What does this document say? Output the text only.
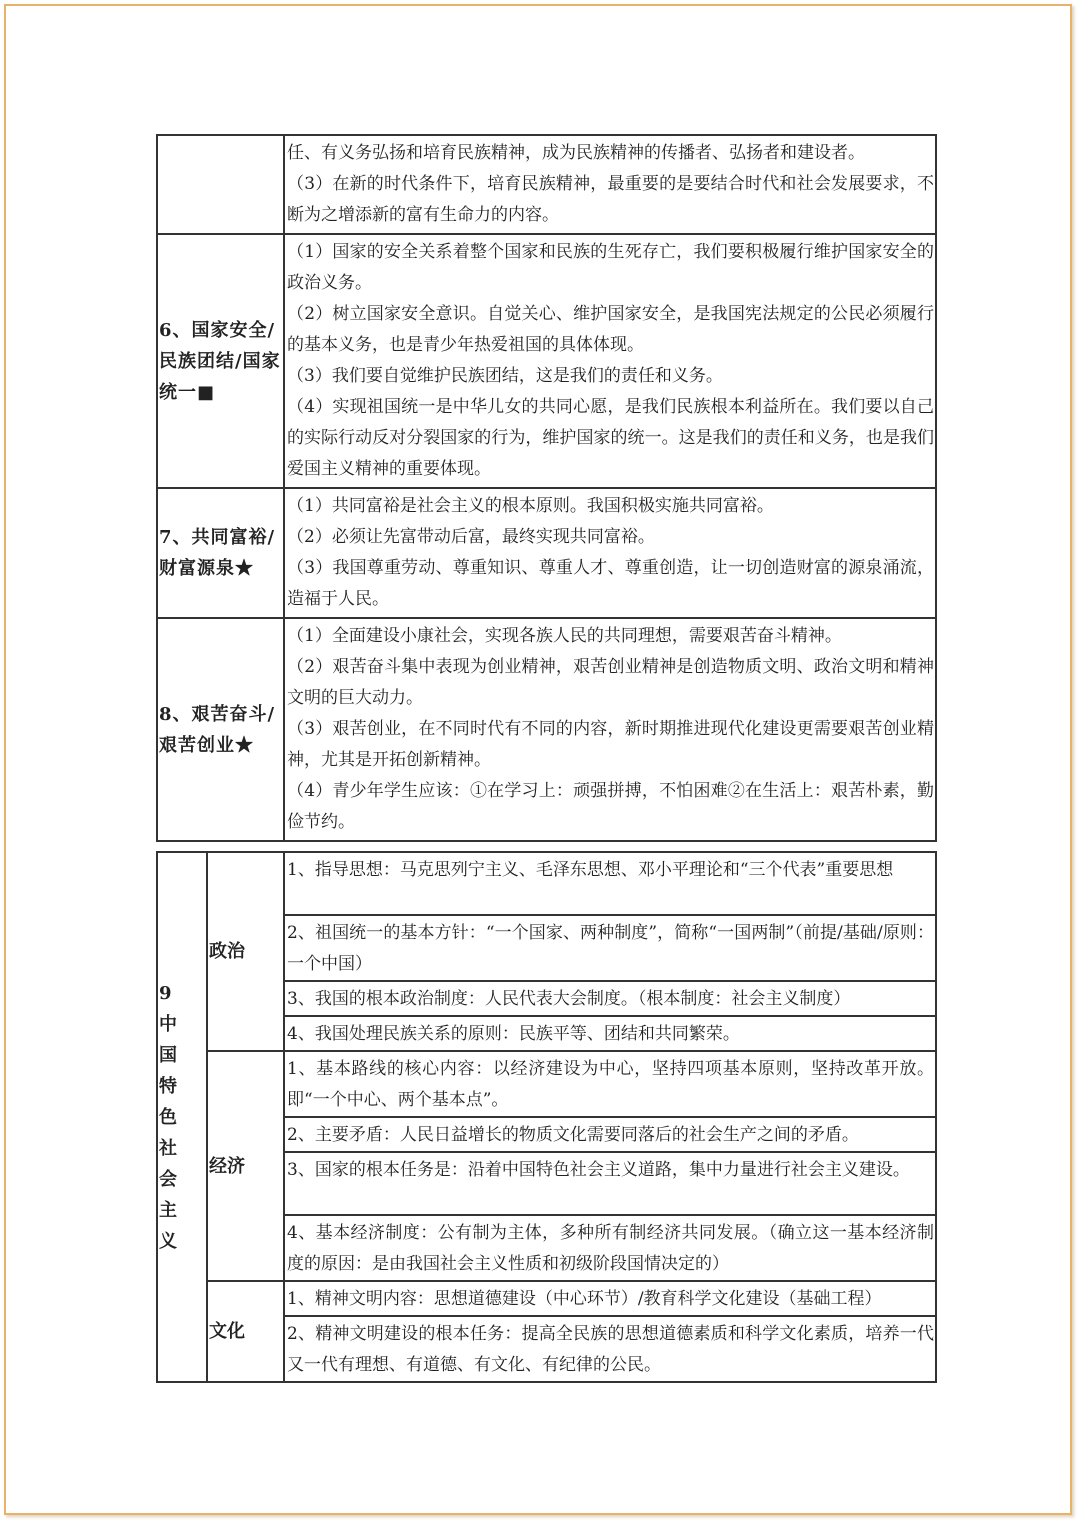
	任、有义务弘扬和培育民族精神，成为民族精神的传播者、弘扬者和建设者。

（3）在新的时代条件下，培育民族精神，最重要的是要结合时代和社会发展要求，不断为之增添新的富有生命力的内容。

6、国家安全/民族团结/国家统一■	（1）国家的安全关系着整个国家和民族的生死存亡，我们要积极履行维护国家安全的政治义务。

（2）树立国家安全意识。自觉关心、维护国家安全，是我国宪法规定的公民必须履行的基本义务，也是青少年热爱祖国的具体体现。

（3）我们要自觉维护民族团结，这是我们的责任和义务。

（4）实现祖国统一是中华儿女的共同心愿，是我们民族根本利益所在。我们要以自己的实际行动反对分裂国家的行为，维护国家的统一。这是我们的责任和义务，也是我们爱国主义精神的重要体现。

7、共同富裕/财富源泉★	（1）共同富裕是社会主义的根本原则。我国积极实施共同富裕。

（2）必须让先富带动后富，最终实现共同富裕。

（3）我国尊重劳动、尊重知识、尊重人才、尊重创造，让一切创造财富的源泉涌流，造福于人民。

8、艰苦奋斗/艰苦创业★	（1）全面建设小康社会，实现各族人民的共同理想，需要艰苦奋斗精神。

（2）艰苦奋斗集中表现为创业精神，艰苦创业精神是创造物质文明、政治文明和精神文明的巨大动力。

（3）艰苦创业，在不同时代有不同的内容，新时期推进现代化建设更需要艰苦创业精神，尤其是开拓创新精神。

（4）青少年学生应该：①在学习上：顽强拼搏，不怕困难②在生活上：艰苦朴素，勤俭节约。

9
中 国
特 色
社 会
主义	政治	1、指导思想：马克思列宁主义、毛泽东思想、邓小平理论和“三个代表”重要思想
		2、祖国统一的基本方针：“一个国家、两种制度”，简称“一国两制”（前提/基础/原则：一个中国）
		3、我国的根本政治制度：人民代表大会制度。（根本制度：社会主义制度）
		4、我国处理民族关系的原则：民族平等、团结和共同繁荣。
	经济	1、基本路线的核心内容：以经济建设为中心，坚持四项基本原则，坚持改革开放。即“一个中心、两个基本点”。
		2、主要矛盾：人民日益增长的物质文化需要同落后的社会生产之间的矛盾。
		3、国家的根本任务是：沿着中国特色社会主义道路，集中力量进行社会主义建设。
		4、基本经济制度：公有制为主体，多种所有制经济共同发展。（确立这一基本经济制度的原因：是由我国社会主义性质和初级阶段国情决定的）
	文化	1、精神文明内容：思想道德建设（中心环节）/教育科学文化建设（基础工程）
		2、精神文明建设的根本任务：提高全民族的思想道德素质和科学文化素质，培养一代又一代有理想、有道德、有文化、有纪律的公民。
